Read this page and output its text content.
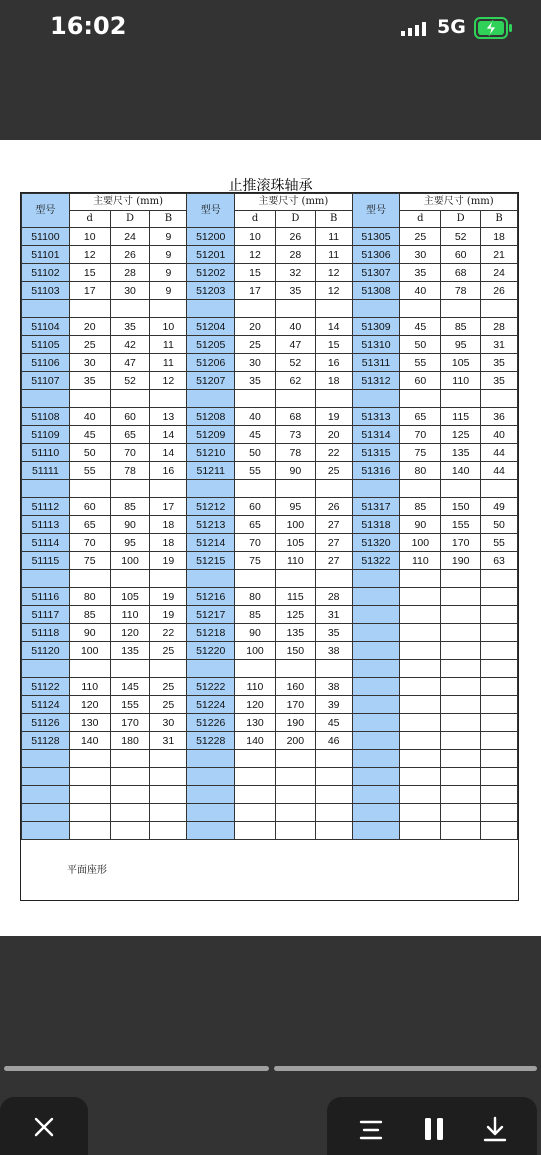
16:02	5G
止推滚珠轴承
型号	主要尺寸 (mm)			型号	主要尺寸 (mm)			型号	主要尺寸 (mm)		
	d	D	B		d	D	B		d	D	B
51100	10	24	9	51200	10	26	11	51305	25	52	18
51101	12	26	9	51201	12	28	11	51306	30	60	21
51102	15	28	9	51202	15	32	12	51307	35	68	24
51103	17	30	9	51203	17	35	12	51308	40	78	26

51104	20	35	10	51204	20	40	14	51309	45	85	28
51105	25	42	11	51205	25	47	15	51310	50	95	31
51106	30	47	11	51206	30	52	16	51311	55	105	35
51107	35	52	12	51207	35	62	18	51312	60	110	35

51108	40	60	13	51208	40	68	19	51313	65	115	36
51109	45	65	14	51209	45	73	20	51314	70	125	40
51110	50	70	14	51210	50	78	22	51315	75	135	44
51111	55	78	16	51211	55	90	25	51316	80	140	44

51112	60	85	17	51212	60	95	26	51317	85	150	49
51113	65	90	18	51213	65	100	27	51318	90	155	50
51114	70	95	18	51214	70	105	27	51320	100	170	55
51115	75	100	19	51215	75	110	27	51322	110	190	63

51116	80	105	19	51216	80	115	28				
51117	85	110	19	51217	85	125	31				
51118	90	120	22	51218	90	135	35				
51120	100	135	25	51220	100	150	38				

51122	110	145	25	51222	110	160	38				
51124	120	155	25	51224	120	170	39				
51126	130	170	30	51226	130	190	45				
51128	140	180	31	51228	140	200	46				

平面座形
